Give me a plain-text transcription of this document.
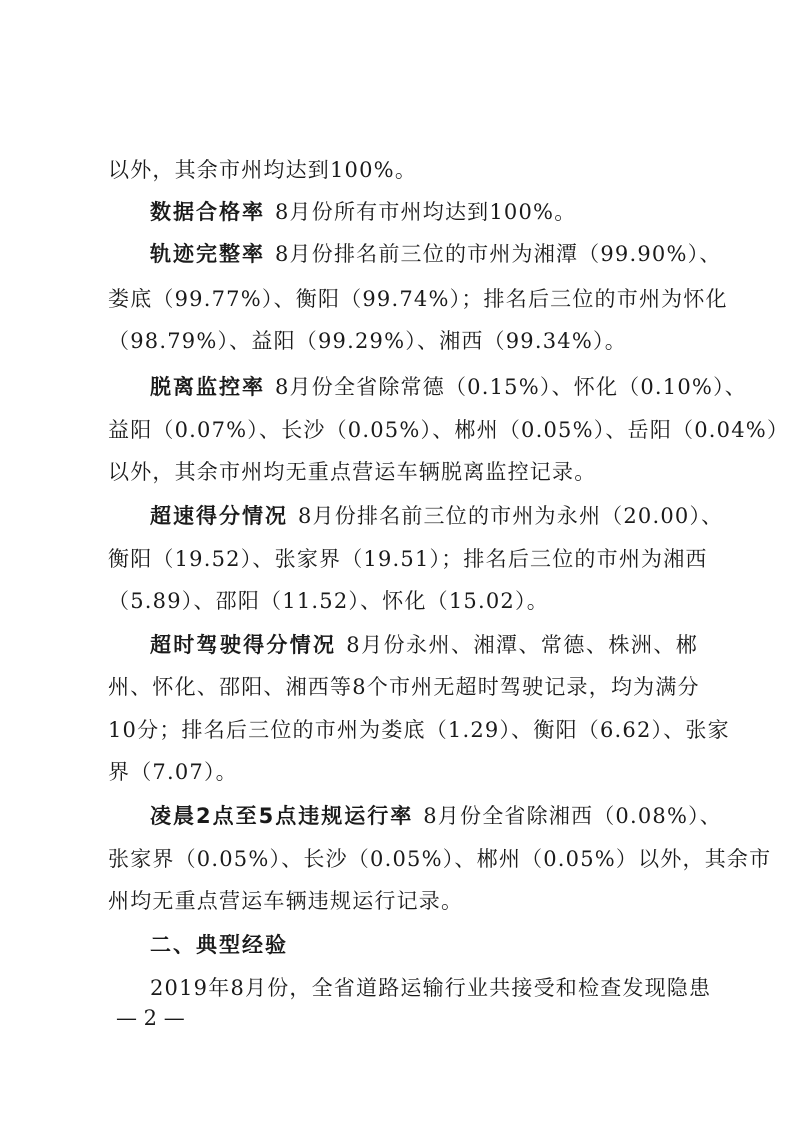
以外，其余市州均达到100%。
数据合格率 8月份所有市州均达到100%。
轨迹完整率 8月份排名前三位的市州为湘潭（99.90%）、
娄底（99.77%）、衡阳（99.74%）；排名后三位的市州为怀化
（98.79%）、益阳（99.29%）、湘西（99.34%）。
脱离监控率 8月份全省除常德（0.15%）、怀化（0.10%）、
益阳（0.07%）、长沙（0.05%）、郴州（0.05%）、岳阳（0.04%）
以外，其余市州均无重点营运车辆脱离监控记录。
超速得分情况 8月份排名前三位的市州为永州（20.00）、
衡阳（19.52）、张家界（19.51）；排名后三位的市州为湘西
（5.89）、邵阳（11.52）、怀化（15.02）。
超时驾驶得分情况 8月份永州、湘潭、常德、株洲、郴
州、怀化、邵阳、湘西等8个市州无超时驾驶记录，均为满分
10分；排名后三位的市州为娄底（1.29）、衡阳（6.62）、张家
界（7.07）。
凌晨2点至5点违规运行率 8月份全省除湘西（0.08%）、
张家界（0.05%）、长沙（0.05%）、郴州（0.05%）以外，其余市
州均无重点营运车辆违规运行记录。
二、典型经验
2019年8月份，全省道路运输行业共接受和检查发现隐患
— 2 —
